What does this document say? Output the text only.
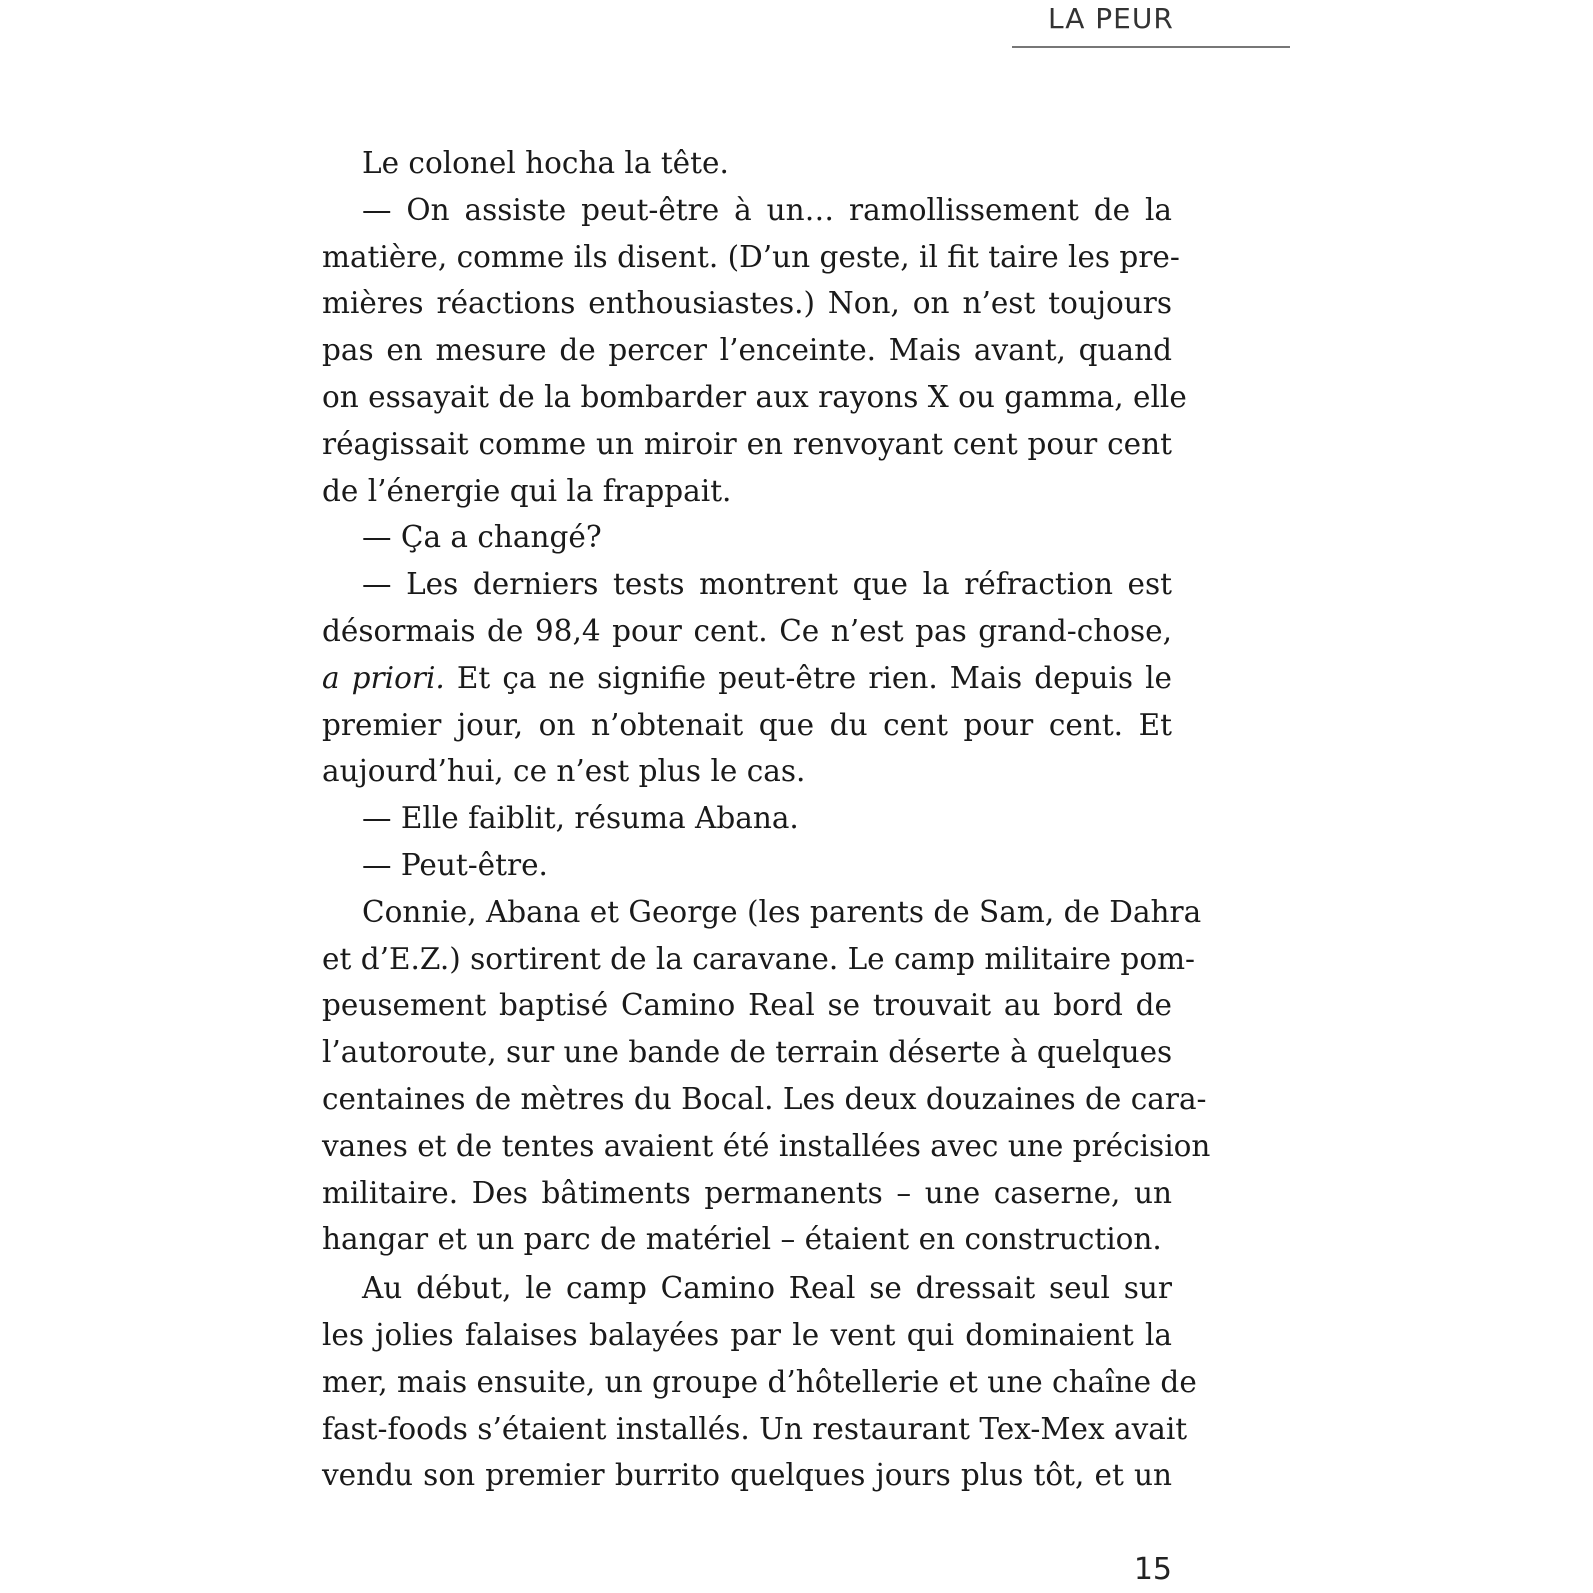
LA PEUR
Le colonel hocha la tête.
— On assiste peut-être à un… ramollissement de la
matière, comme ils disent. (D’un geste, il fit taire les pre-
mières réactions enthousiastes.) Non, on n’est toujours
pas en mesure de percer l’enceinte. Mais avant, quand
on essayait de la bombarder aux rayons X ou gamma, elle
réagissait comme un miroir en renvoyant cent pour cent
de l’énergie qui la frappait.
— Ça a changé?
— Les derniers tests montrent que la réfraction est
désormais de 98,4 pour cent. Ce n’est pas grand-chose,
a priori. Et ça ne signifie peut-être rien. Mais depuis le
premier jour, on n’obtenait que du cent pour cent. Et
aujourd’hui, ce n’est plus le cas.
— Elle faiblit, résuma Abana.
— Peut-être.
Connie, Abana et George (les parents de Sam, de Dahra
et d’E.Z.) sortirent de la caravane. Le camp militaire pom-
peusement baptisé Camino Real se trouvait au bord de
l’autoroute, sur une bande de terrain déserte à quelques
centaines de mètres du Bocal. Les deux douzaines de cara-
vanes et de tentes avaient été installées avec une précision
militaire. Des bâtiments permanents – une caserne, un
hangar et un parc de matériel – étaient en construction.
Au début, le camp Camino Real se dressait seul sur
les jolies falaises balayées par le vent qui dominaient la
mer, mais ensuite, un groupe d’hôtellerie et une chaîne de
fast-foods s’étaient installés. Un restaurant Tex-Mex avait
vendu son premier burrito quelques jours plus tôt, et un
15
